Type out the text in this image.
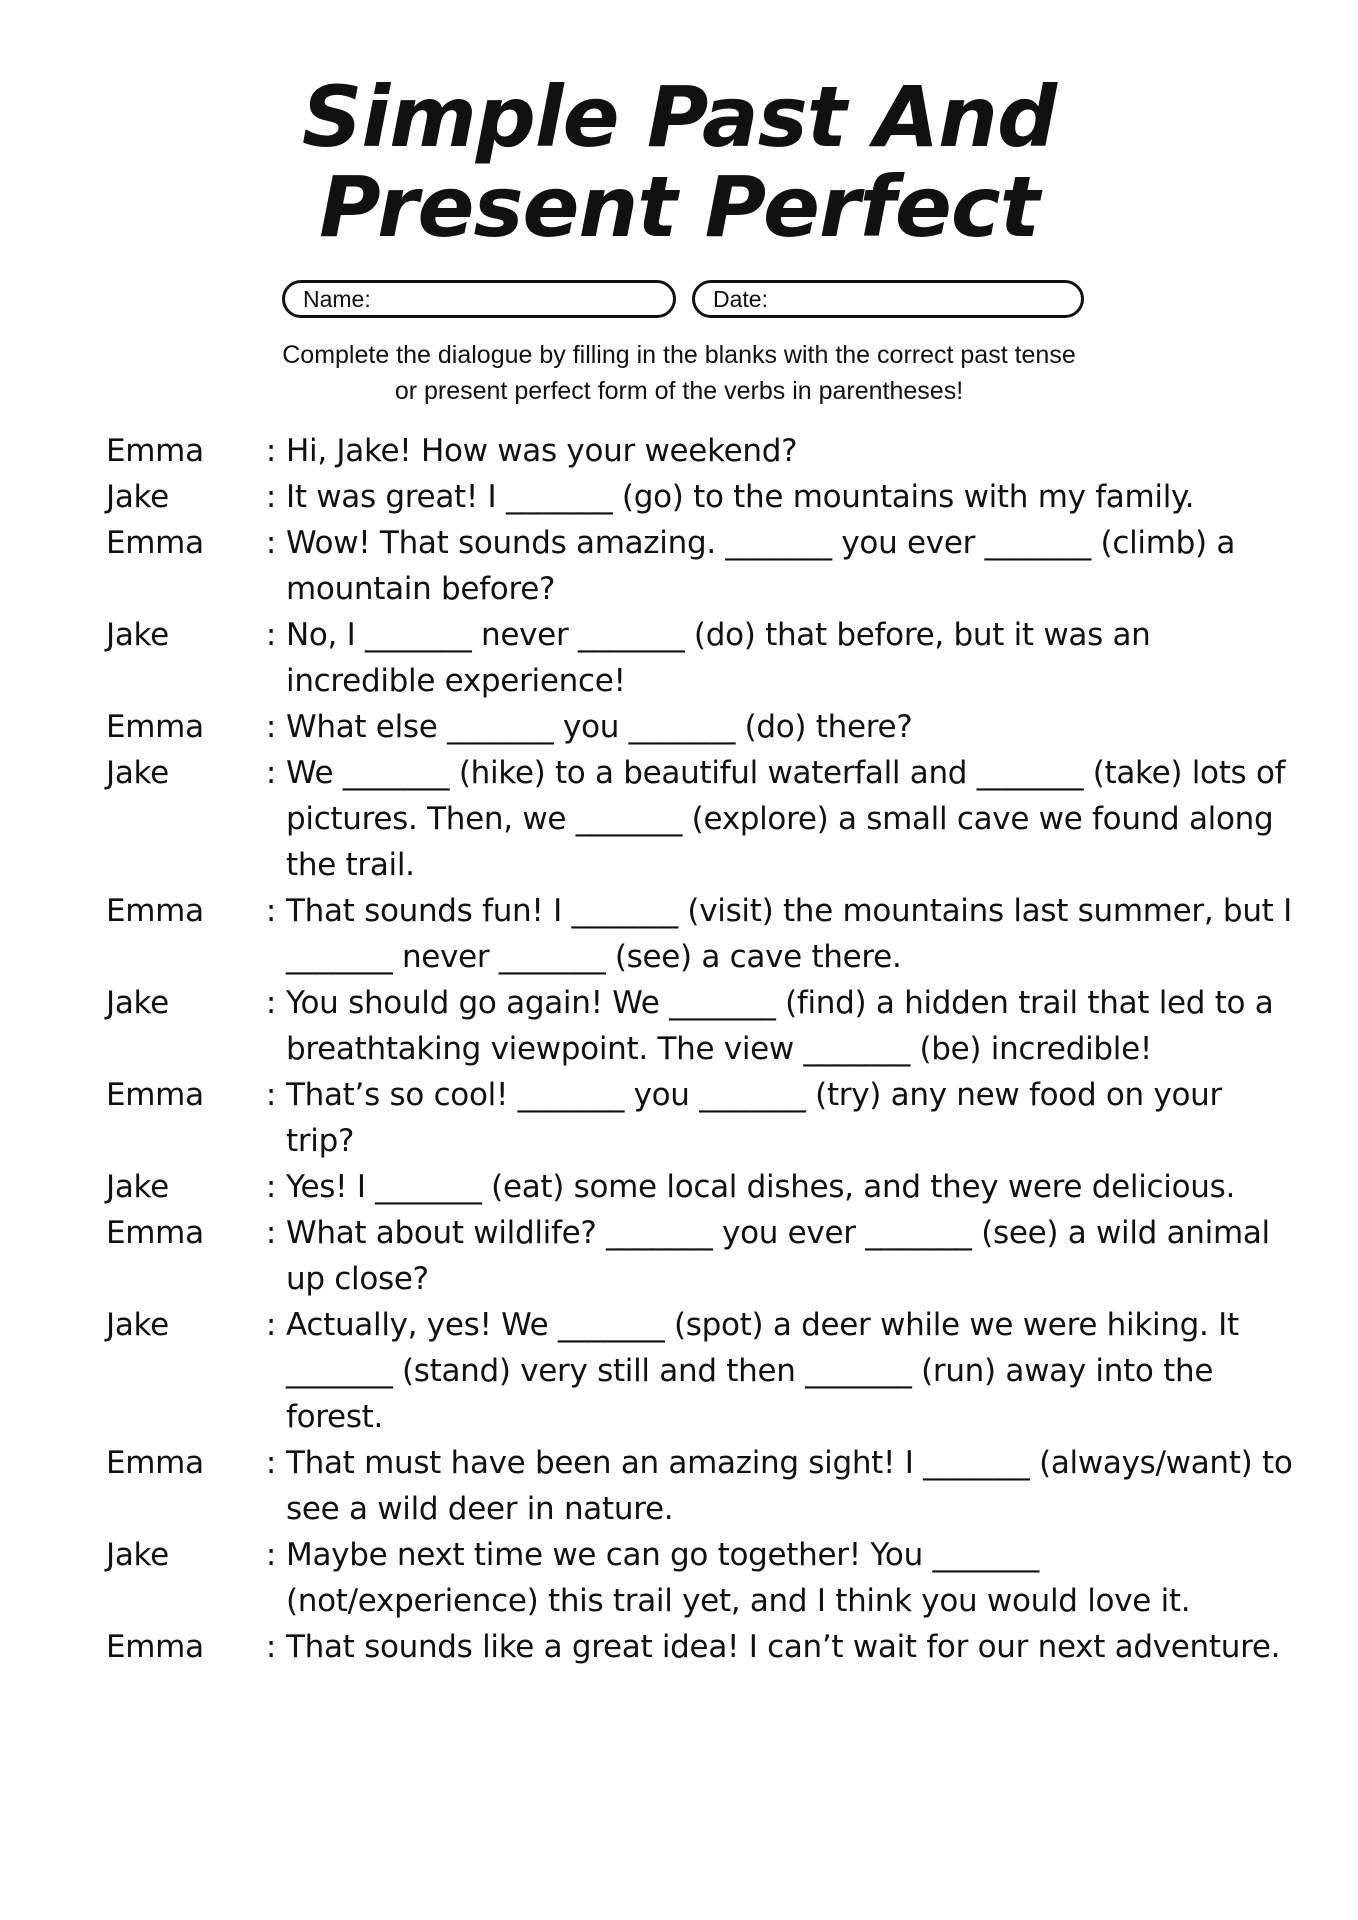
Simple Past And
Present Perfect
Name:	Date:
Complete the dialogue by filling in the blanks with the correct past tense
or present perfect form of the verbs in parentheses!
Emma	: Hi, Jake! How was your weekend?
Jake	: It was great! I _______ (go) to the mountains with my family.
Emma	: Wow! That sounds amazing. _______ you ever _______ (climb) a mountain before?
Jake	: No, I _______ never _______ (do) that before, but it was an incredible experience!
Emma	: What else _______ you _______ (do) there?
Jake	: We _______ (hike) to a beautiful waterfall and _______ (take) lots of pictures. Then, we _______ (explore) a small cave we found along the trail.
Emma	: That sounds fun! I _______ (visit) the mountains last summer, but I _______ never _______ (see) a cave there.
Jake	: You should go again! We _______ (find) a hidden trail that led to a breathtaking viewpoint. The view _______ (be) incredible!
Emma	: That’s so cool! _______ you _______ (try) any new food on your trip?
Jake	: Yes! I _______ (eat) some local dishes, and they were delicious.
Emma	: What about wildlife? _______ you ever _______ (see) a wild animal up close?
Jake	: Actually, yes! We _______ (spot) a deer while we were hiking. It _______ (stand) very still and then _______ (run) away into the forest.
Emma	: That must have been an amazing sight! I _______ (always/want) to see a wild deer in nature.
Jake	: Maybe next time we can go together! You _______ (not/experience) this trail yet, and I think you would love it.
Emma	: That sounds like a great idea! I can’t wait for our next adventure.
